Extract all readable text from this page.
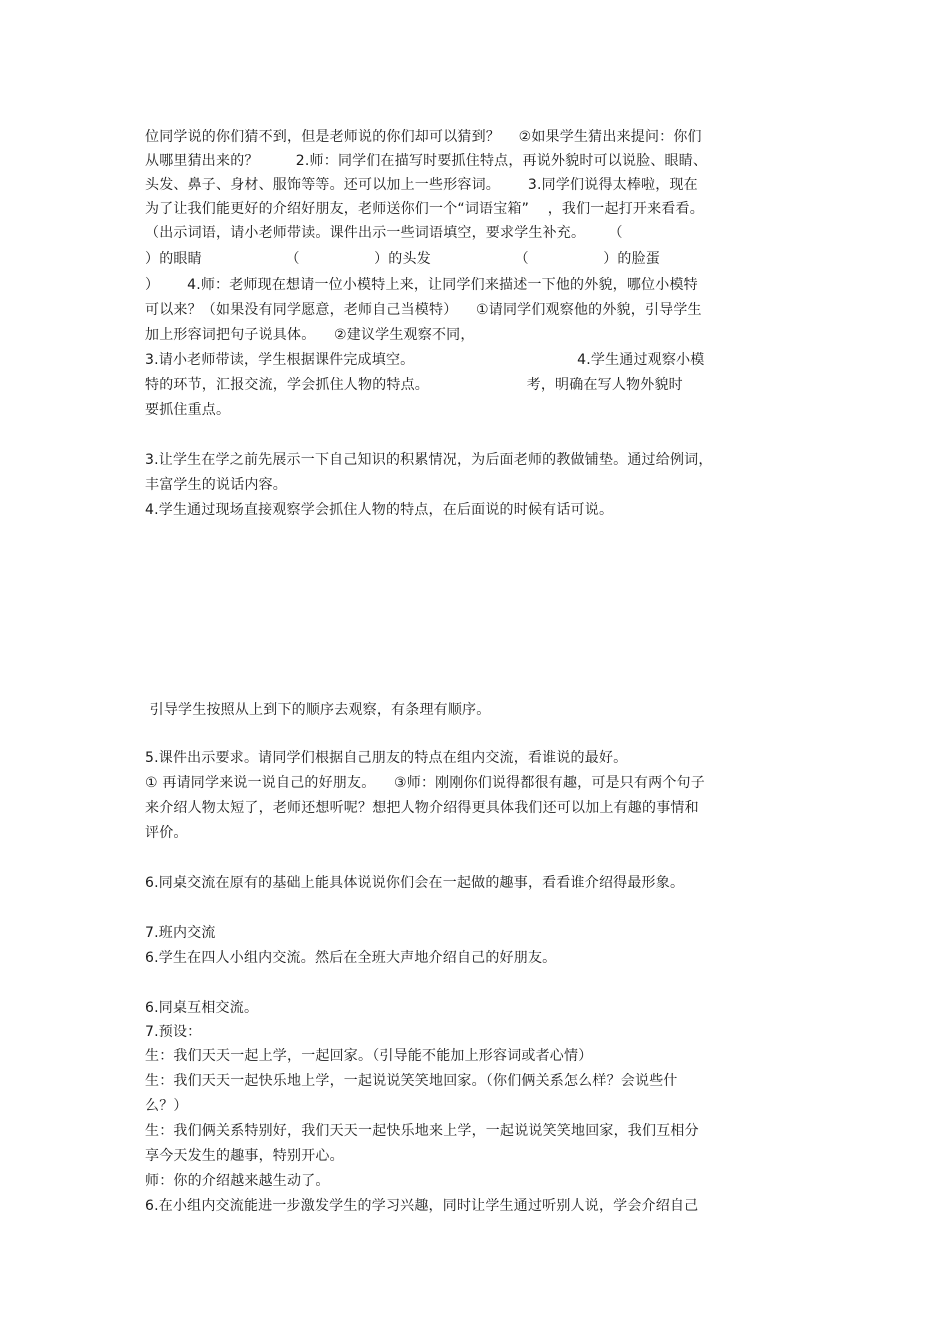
位同学说的你们猜不到，但是老师说的你们却可以猜到？    ②如果学生猜出来提问：你们
从哪里猜出来的？        2.师：同学们在描写时要抓住特点，再说外貌时可以说脸、眼睛、
头发、鼻子、身材、服饰等等。还可以加上一些形容词。      3.同学们说得太棒啦，现在
为了让我们能更好的介绍好朋友，老师送你们一个“词语宝箱”    ，我们一起打开来看看。
（出示词语，请小老师带读。课件出示一些词语填空，要求学生补充。     （
）的眼睛                  （                ）的头发                  （                ）的脸蛋
）      4.师：老师现在想请一位小模特上来，让同学们来描述一下他的外貌，哪位小模特
可以来？（如果没有同学愿意，老师自己当模特）    ①请同学们观察他的外貌，引导学生
加上形容词把句子说具体。    ②建议学生观察不同，
3.请小老师带读，学生根据课件完成填空。                                   4.学生通过观察小模
特的环节，汇报交流，学会抓住人物的特点。                     考，明确在写人物外貌时
要抓住重点。
3.让学生在学之前先展示一下自己知识的积累情况，为后面老师的教做铺垫。通过给例词，
丰富学生的说话内容。
4.学生通过现场直接观察学会抓住人物的特点，在后面说的时候有话可说。
引导学生按照从上到下的顺序去观察，有条理有顺序。
5.课件出示要求。请同学们根据自己朋友的特点在组内交流，看谁说的最好。
① 再请同学来说一说自己的好朋友。    ③师：刚刚你们说得都很有趣，可是只有两个句子
来介绍人物太短了，老师还想听呢？想把人物介绍得更具体我们还可以加上有趣的事情和
评价。
6.同桌交流在原有的基础上能具体说说你们会在一起做的趣事，看看谁介绍得最形象。
7.班内交流
6.学生在四人小组内交流。然后在全班大声地介绍自己的好朋友。
6.同桌互相交流。
7.预设：
生：我们天天一起上学，一起回家。（引导能不能加上形容词或者心情）
生：我们天天一起快乐地上学，一起说说笑笑地回家。（你们俩关系怎么样？会说些什
么？）
生：我们俩关系特别好，我们天天一起快乐地来上学，一起说说笑笑地回家，我们互相分
享今天发生的趣事，特别开心。
师：你的介绍越来越生动了。
6.在小组内交流能进一步激发学生的学习兴趣，同时让学生通过听别人说，学会介绍自己
